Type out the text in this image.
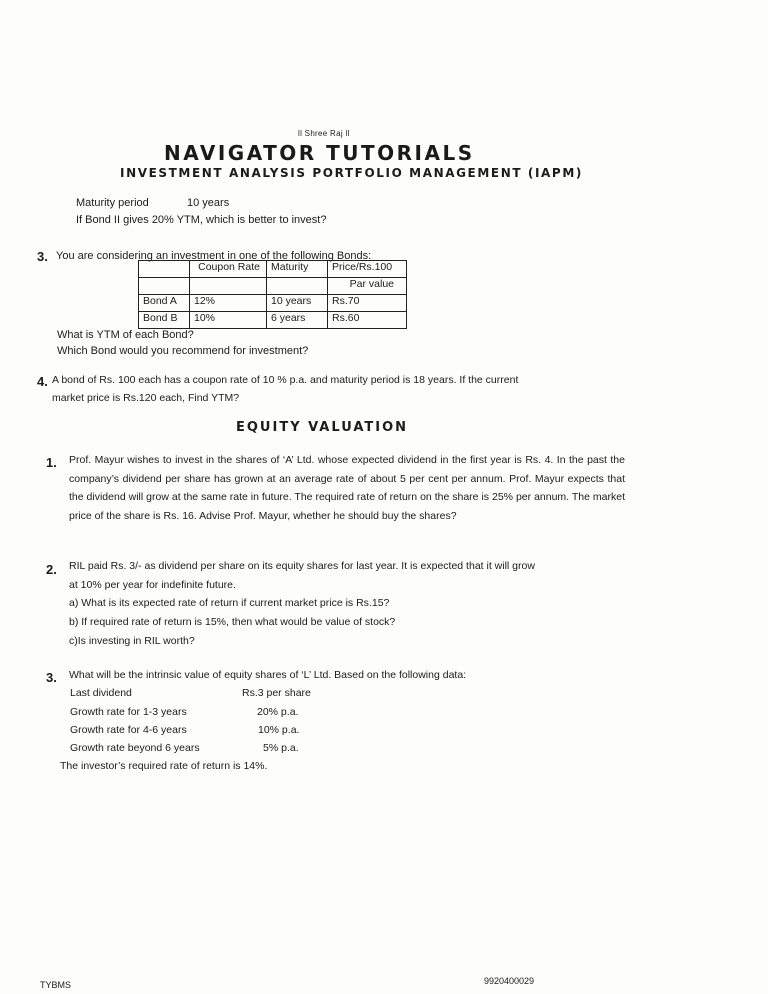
ll Shree Raj ll
NAVIGATOR TUTORIALS
INVESTMENT ANALYSIS PORTFOLIO MANAGEMENT (IAPM)
Maturity period	10 years
If Bond II gives 20% YTM, which is better to invest?
3. You are considering an investment in one of the following Bonds:
	Coupon Rate	Maturity	Price/Rs.100
			Par value
Bond A	12%	10 years	Rs.70
Bond B	10%	6 years	Rs.60
What is YTM of each Bond?
Which Bond would you recommend for investment?
4. A bond of Rs. 100 each has a coupon rate of 10 % p.a. and maturity period is 18 years. If the current
market price is Rs.120 each, Find YTM?
EQUITY VALUATION
1. Prof. Mayur wishes to invest in the shares of ‘A’ Ltd. whose expected dividend in the first year is Rs. 4. In the past the company’s dividend per share has grown at an average rate of about 5 per cent per annum. Prof. Mayur expects that the dividend will grow at the same rate in future. The required rate of return on the share is 25% per annum. The market price of the share is Rs. 16. Advise Prof. Mayur, whether he should buy the shares?
2. RIL paid Rs. 3/- as dividend per share on its equity shares for last year. It is expected that it will grow
at 10% per year for indefinite future.
a) What is its expected rate of return if current market price is Rs.15?
b) If required rate of return is 15%, then what would be value of stock?
c)Is investing in RIL worth?
3. What will be the intrinsic value of equity shares of ‘L’ Ltd. Based on the following data:
Last dividend	Rs.3 per share
Growth rate for 1-3 years	20% p.a.
Growth rate for 4-6 years	10% p.a.
Growth rate beyond 6 years	5% p.a.
The investor’s required rate of return is 14%.
TYBMS	9920400029
